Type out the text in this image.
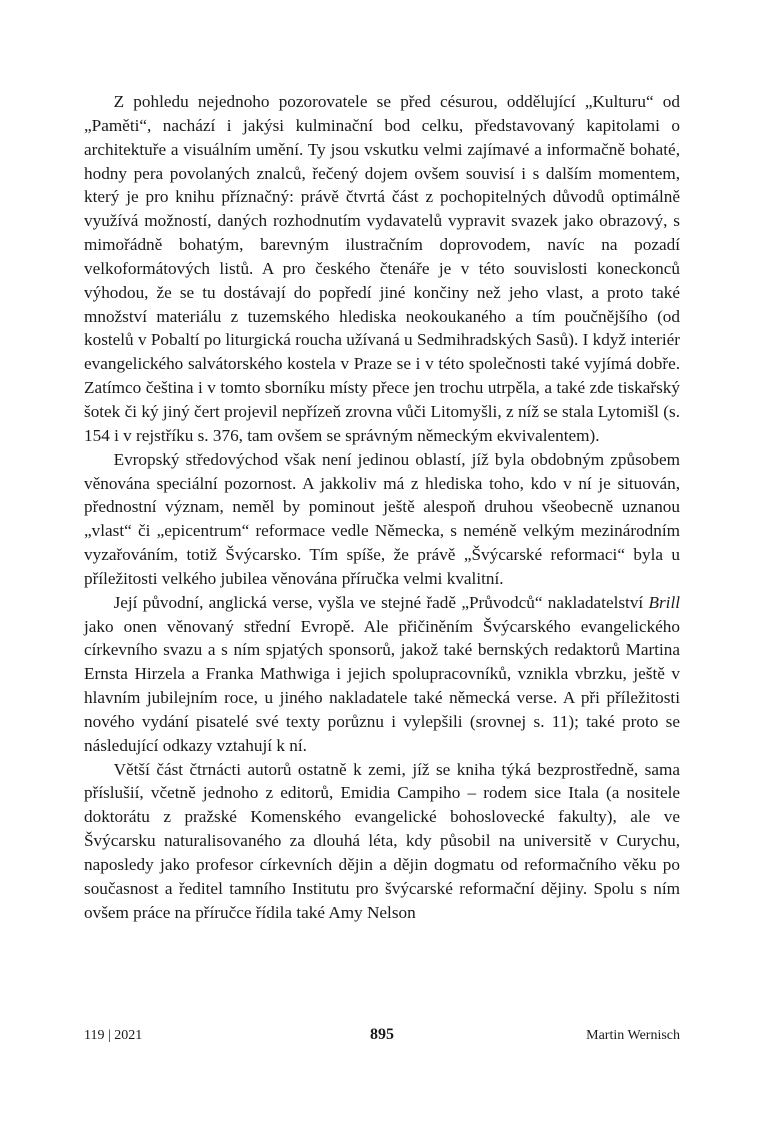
Z pohledu nejednoho pozorovatele se před césurou, oddělující „Kulturu“ od „Paměti“, nachází i jakýsi kulminační bod celku, představovaný kapitolami o architektuře a visuálním umění. Ty jsou vskutku velmi zajímavé a informačně bohaté, hodny pera povolaných znalců, řečený dojem ovšem souvisí i s dalším momentem, který je pro knihu příznačný: právě čtvrtá část z pochopitelných důvodů optimálně využívá možností, daných rozhodnutím vydavatelů vypravit svazek jako obrazový, s mimořádně bohatým, barevným ilustračním doprovodem, navíc na pozadí velkoformátových listů. A pro českého čtenáře je v této souvislosti koneckonců výhodou, že se tu dostávají do popředí jiné končiny než jeho vlast, a proto také množství materiálu z tuzemského hlediska neokoukaného a tím poučnějšího (od kostelů v Pobaltí po liturgická roucha užívaná u Sedmihradských Sasů). I když interiér evangelického salvátorského kostela v Praze se i v této společnosti také vyjímá dobře. Zatímco čeština i v tomto sborníku místy přece jen trochu utrpěla, a také zde tiskařský šotek či ký jiný čert projevil nepřízeň zrovna vůči Litomyšli, z níž se stala Lytomišl (s. 154 i v rejstříku s. 376, tam ovšem se správným německým ekvivalentem).

Evropský středovýchod však není jedinou oblastí, jíž byla obdobným způsobem věnována speciální pozornost. A jakkoliv má z hlediska toho, kdo v ní je situován, přednostní význam, neměl by pominout ještě alespoň druhou všeobecně uznanou „vlast“ či „epicentrum“ reformace vedle Německa, s neméně velkým mezinárodním vyzařováním, totiž Švýcarsko. Tím spíše, že právě „Švýcarské reformaci“ byla u příležitosti velkého jubilea věnována příručka velmi kvalitní.

Její původní, anglická verse, vyšla ve stejné řadě „Průvodců“ nakladatelství Brill jako onen věnovaný střední Evropě. Ale přičiněním Švýcarského evangelického církevního svazu a s ním spjatých sponsorů, jakož také bernských redaktorů Martina Ernsta Hirzela a Franka Mathwiga i jejich spolupracovníků, vznikla vbrzku, ještě v hlavním jubilejním roce, u jiného nakladatele také německá verse. A při příležitosti nového vydání pisatelé své texty porůznu i vylepšili (srovnej s. 11); také proto se následující odkazy vztahují k ní.

Větší část čtrnácti autorů ostatně k zemi, jíž se kniha týká bezprostředně, sama příslušií, včetně jednoho z editorů, Emidia Campiho – rodem sice Itala (a nositele doktorátu z pražské Komenského evangelické bohoslovecké fakulty), ale ve Švýcarsku naturalisovaného za dlouhá léta, kdy působil na universitě v Curychu, naposledy jako profesor církevních dějin a dějin dogmatu od reformačního věku po současnost a ředitel tamního Institutu pro švýcarské reformační dějiny. Spolu s ním ovšem práce na příručce řídila také Amy Nelson

119 | 2021	895	Martin Wernisch
